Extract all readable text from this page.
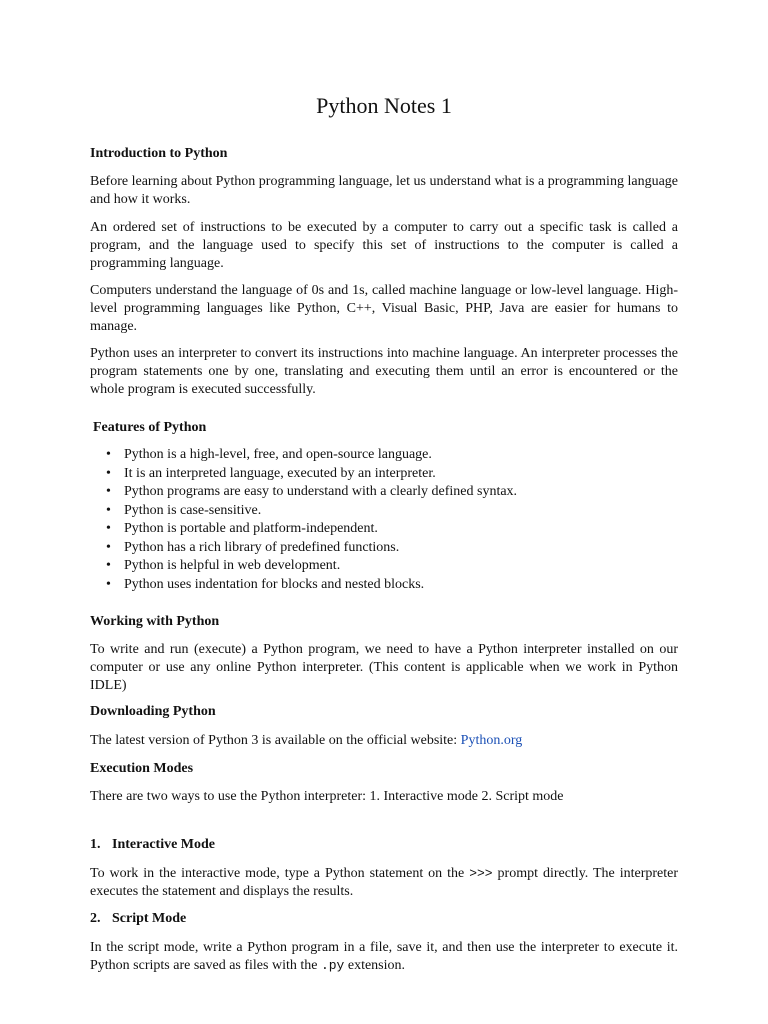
Python Notes 1
Introduction to Python

Before learning about Python programming language, let us understand what is a programming language and how it works.

An ordered set of instructions to be executed by a computer to carry out a specific task is called a program, and the language used to specify this set of instructions to the computer is called a programming language.

Computers understand the language of 0s and 1s, called machine language or low-level language. High-level programming languages like Python, C++, Visual Basic, PHP, Java are easier for humans to manage.

Python uses an interpreter to convert its instructions into machine language. An interpreter processes the program statements one by one, translating and executing them until an error is encountered or the whole program is executed successfully.

Features of Python
• Python is a high-level, free, and open-source language.
• It is an interpreted language, executed by an interpreter.
• Python programs are easy to understand with a clearly defined syntax.
• Python is case-sensitive.
• Python is portable and platform-independent.
• Python has a rich library of predefined functions.
• Python is helpful in web development.
• Python uses indentation for blocks and nested blocks.
Working with Python

To write and run (execute) a Python program, we need to have a Python interpreter installed on our computer or use any online Python interpreter. (This content is applicable when we work in Python IDLE)

Downloading Python

The latest version of Python 3 is available on the official website: Python.org

Execution Modes

There are two ways to use the Python interpreter: 1. Interactive mode 2. Script mode

1. Interactive Mode

To work in the interactive mode, type a Python statement on the >>> prompt directly. The interpreter executes the statement and displays the results.

2. Script Mode

In the script mode, write a Python program in a file, save it, and then use the interpreter to execute it. Python scripts are saved as files with the .py extension.
